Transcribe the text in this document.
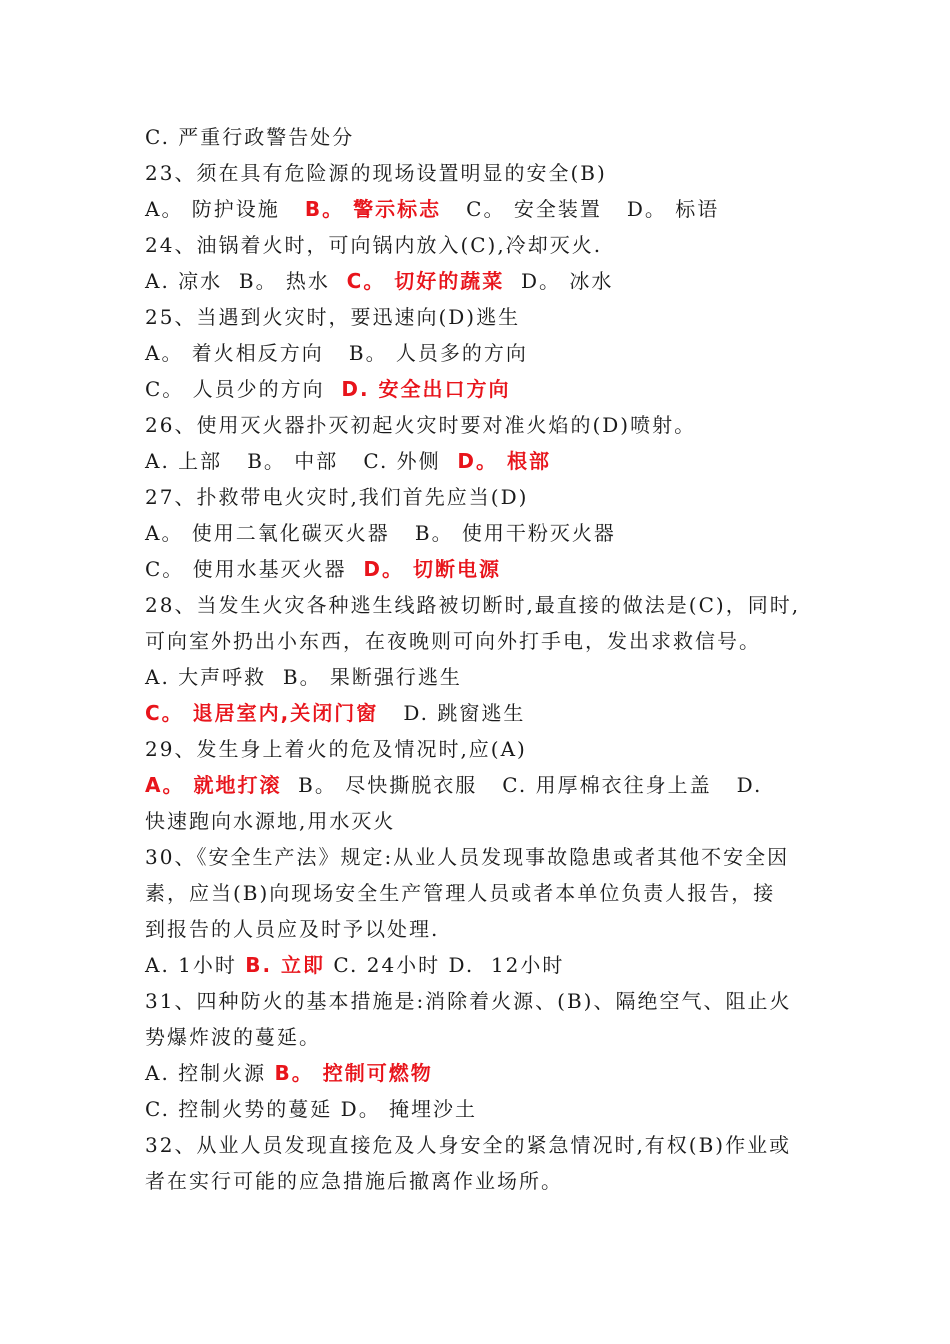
C. 严重行政警告处分
23、须在具有危险源的现场设置明显的安全(B)
A。 防护设施   B。 警示标志   C。 安全装置   D。 标语
24、油锅着火时，可向锅内放入(C),冷却灭火.
A. 凉水  B。 热水  C。 切好的蔬菜  D。 冰水
25、当遇到火灾时，要迅速向(D)逃生
A。 着火相反方向   B。 人员多的方向
C。 人员少的方向  D. 安全出口方向
26、使用灭火器扑灭初起火灾时要对准火焰的(D)喷射。
A. 上部   B。 中部   C. 外侧  D。 根部
27、扑救带电火灾时,我们首先应当(D)
A。 使用二氧化碳灭火器   B。 使用干粉灭火器
C。 使用水基灭火器  D。 切断电源
28、当发生火灾各种逃生线路被切断时,最直接的做法是(C)，同时,
可向室外扔出小东西，在夜晚则可向外打手电，发出求救信号。
A. 大声呼救  B。 果断强行逃生
C。 退居室内,关闭门窗   D. 跳窗逃生
29、发生身上着火的危及情况时,应(A)
A。 就地打滚  B。 尽快撕脱衣服   C. 用厚棉衣往身上盖   D.
快速跑向水源地,用水灭火
30、《安全生产法》规定:从业人员发现事故隐患或者其他不安全因
素，应当(B)向现场安全生产管理人员或者本单位负责人报告，接
到报告的人员应及时予以处理.
A. 1小时 B. 立即 C. 24小时 D.  12小时
31、四种防火的基本措施是:消除着火源、(B)、隔绝空气、阻止火
势爆炸波的蔓延。
A. 控制火源 B。 控制可燃物
C. 控制火势的蔓延 D。 掩埋沙土
32、从业人员发现直接危及人身安全的紧急情况时,有权(B)作业或
者在实行可能的应急措施后撤离作业场所。
